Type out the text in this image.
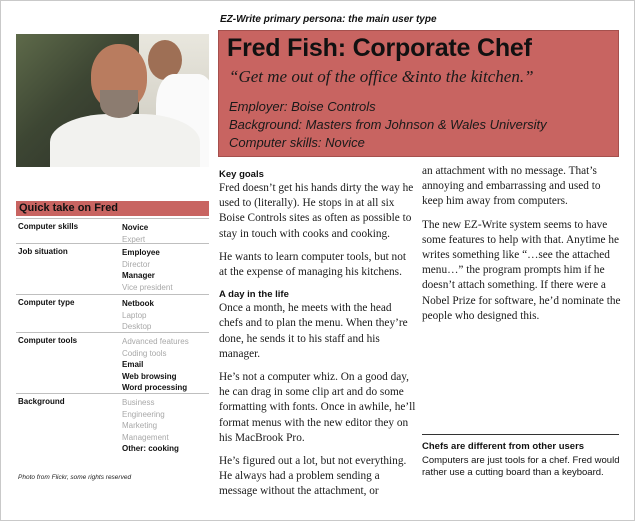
EZ-Write primary persona: the main user type
Fred Fish: Corporate Chef
“Get me out of the office &into the kitchen.”
Employer: Boise Controls
Background: Masters from Johnson & Wales University
Computer skills: Novice
Quick take on Fred
Computer skills	Novice
Expert
Job situation	Employee
Director
Manager
Vice president
Computer type	Netbook
Laptop
Desktop
Computer tools	Advanced features
Coding tools
Email
Web browsing
Word processing
Background	Business
Engineering
Marketing
Management
Other: cooking
Photo from Flickr, some rights reserved
Key goals

Fred doesn’t get his hands dirty the way he used to (literally). He stops in at all six Boise Controls sites as often as possible to stay in touch with cooks and cooking.

He wants to learn computer tools, but not at the expense of managing his kitchens.

A day in the life

Once a month, he meets with the head chefs and to plan the menu. When they’re done, he sends it to his staff and his manager.

He’s not a computer whiz. On a good day, he can drag in some clip art and do some formatting with fonts. Once in awhile, he’ll format menus with the new editor they on his MacBrook Pro.

He’s figured out a lot, but not everything. He always had a problem sending a message without the attachment, or

an attachment with no message. That’s annoying and embarrassing and used to keep him away from computers.

The new EZ-Write system seems to have some features to help with that. Anytime he writes something like “…see the attached menu…” the program prompts him if he doesn’t attach something. If there were a Nobel Prize for software, he’d nominate the people who designed this.

Chefs are different from other users
Computers are just tools for a chef. Fred would rather use a cutting board than a keyboard.
